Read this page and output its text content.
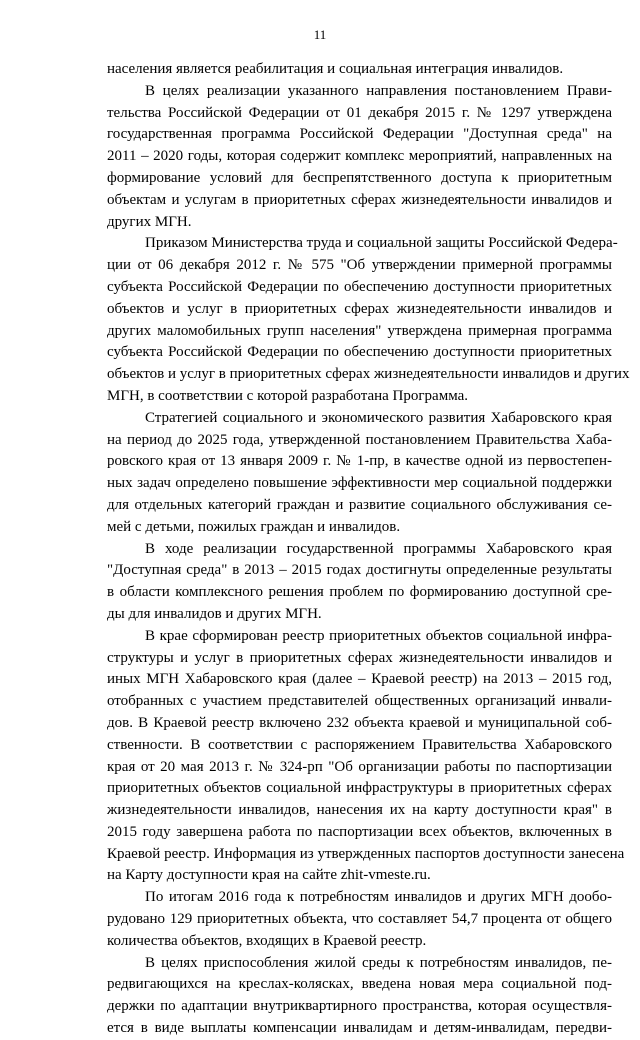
11
населения является реабилитация и социальная интеграция инвалидов.
В целях реализации указанного направления постановлением Прави-
тельства Российской Федерации от 01 декабря 2015 г. № 1297 утверждена
государственная программа Российской Федерации "Доступная среда" на
2011 – 2020 годы, которая содержит комплекс мероприятий, направленных на
формирование условий для беспрепятственного доступа к приоритетным
объектам и услугам в приоритетных сферах жизнедеятельности инвалидов и
других МГН.
Приказом Министерства труда и социальной защиты Российской Федера-
ции от 06 декабря 2012 г. № 575 "Об утверждении примерной программы
субъекта Российской Федерации по обеспечению доступности приоритетных
объектов и услуг в приоритетных сферах жизнедеятельности инвалидов и
других маломобильных групп населения" утверждена примерная программа
субъекта Российской Федерации по обеспечению доступности приоритетных
объектов и услуг в приоритетных сферах жизнедеятельности инвалидов и других
МГН, в соответствии с которой разработана Программа.
Стратегией социального и экономического развития Хабаровского края
на период до 2025 года, утвержденной постановлением Правительства Хаба-
ровского края от 13 января 2009 г. № 1-пр, в качестве одной из первостепен-
ных задач определено повышение эффективности мер социальной поддержки
для отдельных категорий граждан и развитие социального обслуживания се-
мей с детьми, пожилых граждан и инвалидов.
В ходе реализации государственной программы Хабаровского края
"Доступная среда" в 2013 – 2015 годах достигнуты определенные результаты
в области комплексного решения проблем по формированию доступной сре-
ды для инвалидов и других МГН.
В крае сформирован реестр приоритетных объектов социальной инфра-
структуры и услуг в приоритетных сферах жизнедеятельности инвалидов и
иных МГН Хабаровского края (далее – Краевой реестр) на 2013 – 2015 год,
отобранных с участием представителей общественных организаций инвали-
дов. В Краевой реестр включено 232 объекта краевой и муниципальной соб-
ственности. В соответствии с распоряжением Правительства Хабаровского
края от 20 мая 2013 г. № 324-рп "Об организации работы по паспортизации
приоритетных объектов социальной инфраструктуры в приоритетных сферах
жизнедеятельности инвалидов, нанесения их на карту доступности края" в
2015 году завершена работа по паспортизации всех объектов, включенных в
Краевой реестр. Информация из утвержденных паспортов доступности занесена
на Карту доступности края на сайте zhit-vmeste.ru.
По итогам 2016 года к потребностям инвалидов и других МГН дообо-
рудовано 129 приоритетных объекта, что составляет 54,7 процента от общего
количества объектов, входящих в Краевой реестр.
В целях приспособления жилой среды к потребностям инвалидов, пе-
редвигающихся на креслах-колясках, введена новая мера социальной под-
держки по адаптации внутриквартирного пространства, которая осуществля-
ется в виде выплаты компенсации инвалидам и детям-инвалидам, передви-
